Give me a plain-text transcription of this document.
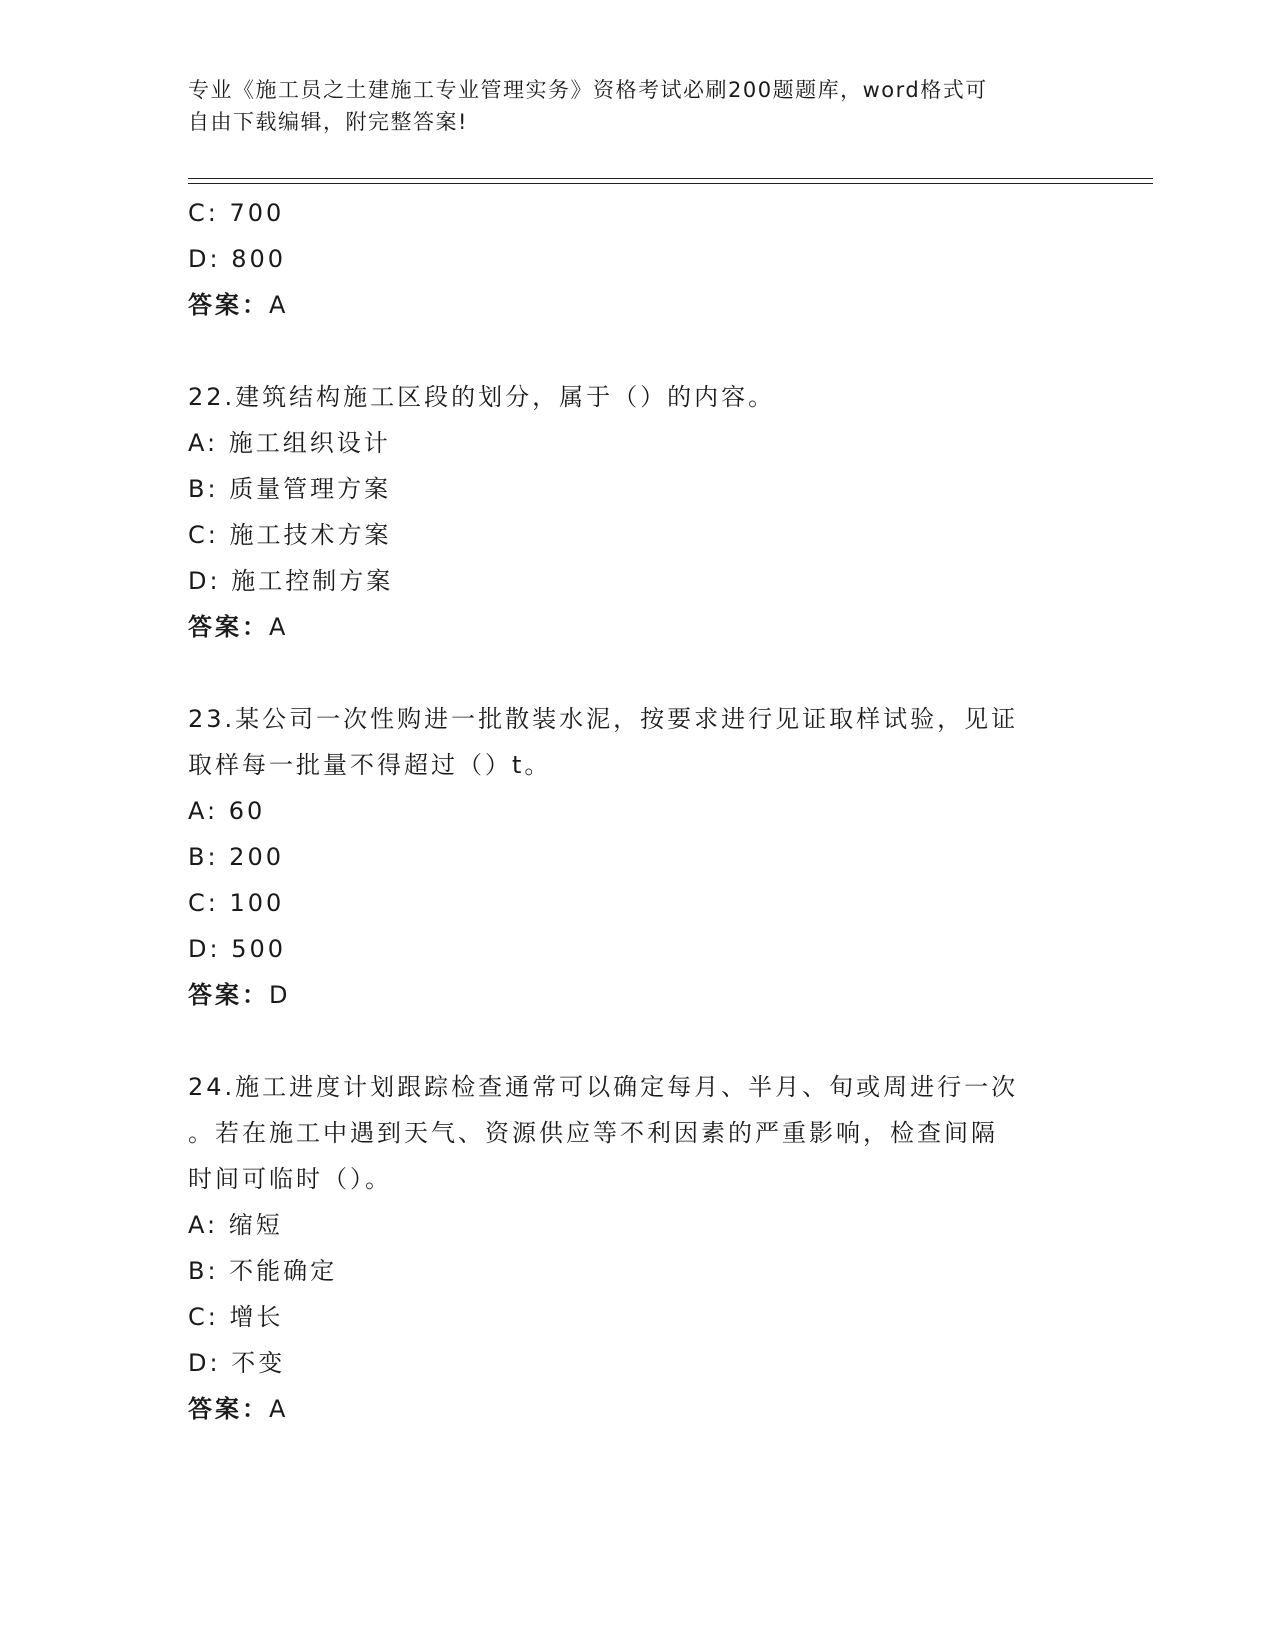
专业《施工员之土建施工专业管理实务》资格考试必刷200题题库，word格式可
自由下载编辑，附完整答案!
C: 700
D: 800
答案：A
22.建筑结构施工区段的划分，属于（）的内容。
A: 施工组织设计
B: 质量管理方案
C: 施工技术方案
D: 施工控制方案
答案：A
23.某公司一次性购进一批散装水泥，按要求进行见证取样试验，见证
取样每一批量不得超过（）t。
A: 60
B: 200
C: 100
D: 500
答案：D
24.施工进度计划跟踪检查通常可以确定每月、半月、旬或周进行一次
。若在施工中遇到天气、资源供应等不利因素的严重影响，检查间隔
时间可临时（）。
A: 缩短
B: 不能确定
C: 增长
D: 不变
答案：A
